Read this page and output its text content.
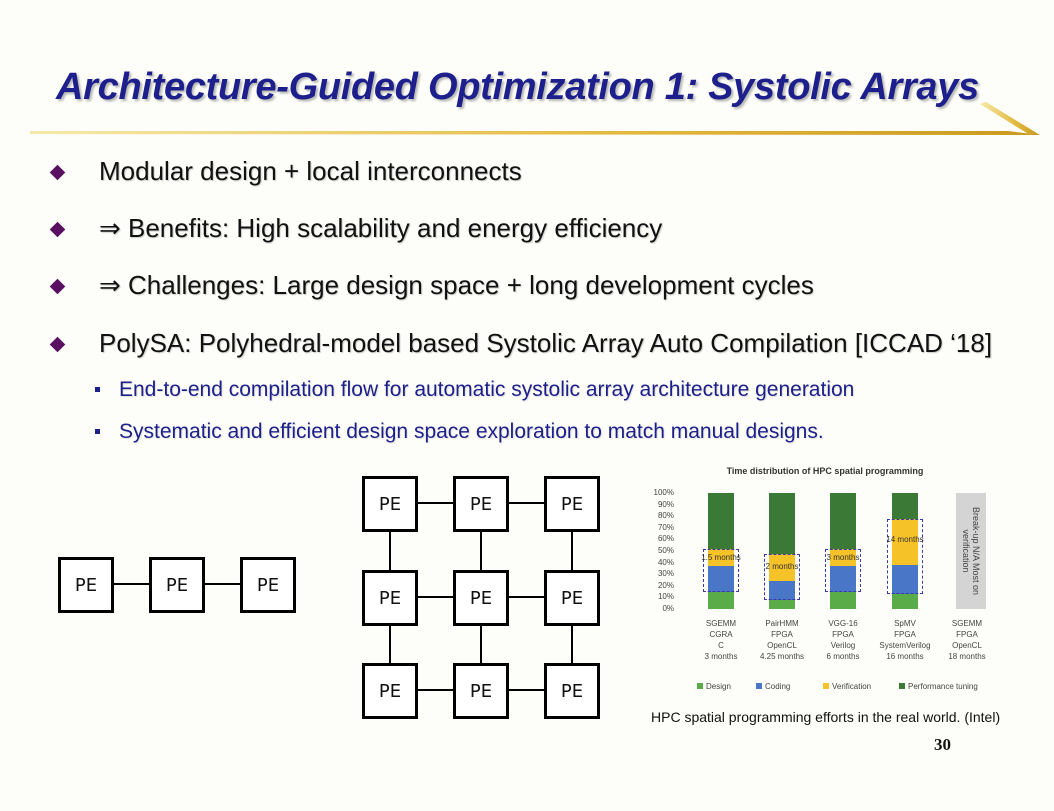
Architecture-Guided Optimization 1: Systolic Arrays
Modular design + local interconnects
⇒ Benefits: High scalability and energy efficiency
⇒ Challenges: Large design space + long development cycles
PolySA: Polyhedral-model based Systolic Array Auto Compilation [ICCAD ‘18]
End-to-end compilation flow for automatic systolic array architecture generation
Systematic and efficient design space exploration to match manual designs.
PE	PE	PE
PE	PE	PE
PE	PE	PE
PE	PE	PE
Time distribution of HPC spatial programming
Break-up N/A Most on verification
100%
90%
80%
70%
60%
50%
40%
30%
20%
10%
0%
1.5 months
SGEMM
CGRA
C
3 months
2 months
PairHMM
FPGA
OpenCL
4.25 months
3 months
VGG-16
FPGA
Verilog
6 months
14 months
SpMV
FPGA
SystemVerilog
16 months
SGEMM
FPGA
OpenCL
18 months
Design	Coding	Verification	Performance tuning
HPC spatial programming efforts in the real world. (Intel)
30
